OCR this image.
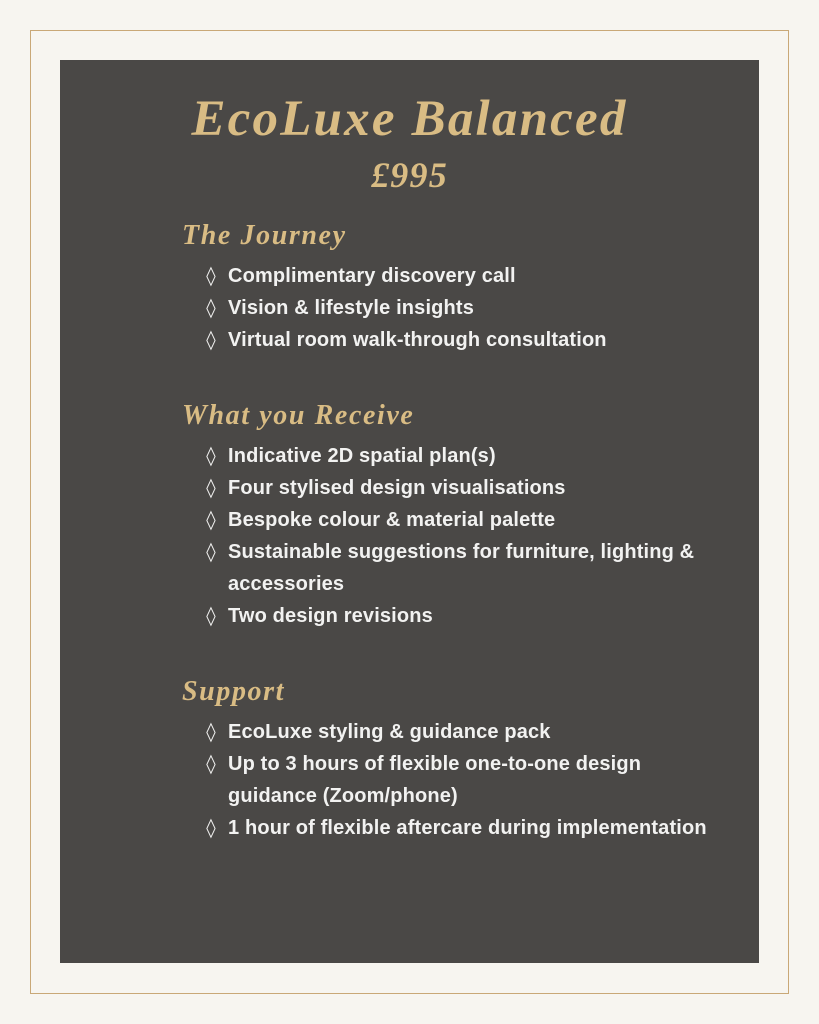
EcoLuxe Balanced
£995
The Journey
◊ Complimentary discovery call
◊ Vision & lifestyle insights
◊ Virtual room walk-through consultation
What you Receive
◊ Indicative 2D spatial plan(s)
◊ Four stylised design visualisations
◊ Bespoke colour & material palette
◊ Sustainable suggestions for furniture, lighting & accessories
◊ Two design revisions
Support
◊ EcoLuxe styling & guidance pack
◊ Up to 3 hours of flexible one-to-one design guidance (Zoom/phone)
◊ 1 hour of flexible aftercare during implementation
